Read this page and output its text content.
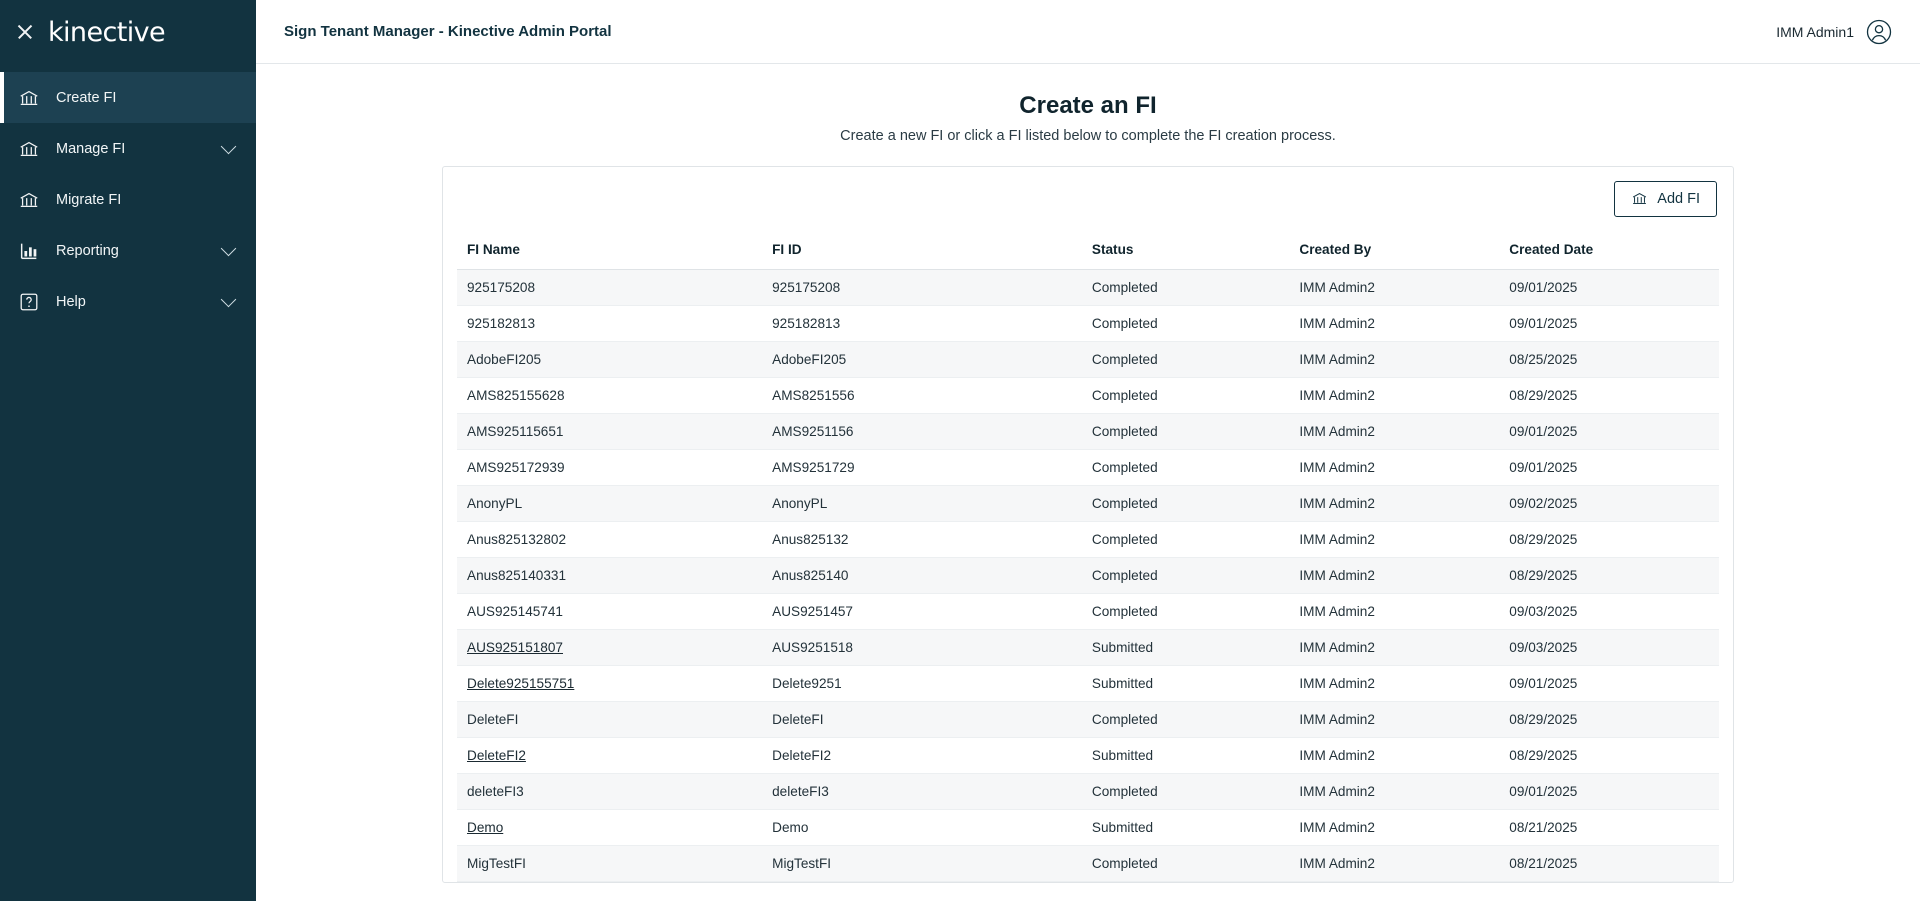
kinective
Create FI
Manage FI
Migrate FI
Reporting
Help
Sign Tenant Manager - Kinective Admin Portal	IMM Admin1
Create an FI
Create a new FI or click a FI listed below to complete the FI creation process.
Add FI
FI Name	FI ID	Status	Created By	Created Date
925175208	925175208	Completed	IMM Admin2	09/01/2025
925182813	925182813	Completed	IMM Admin2	09/01/2025
AdobeFI205	AdobeFI205	Completed	IMM Admin2	08/25/2025
AMS825155628	AMS8251556	Completed	IMM Admin2	08/29/2025
AMS925115651	AMS9251156	Completed	IMM Admin2	09/01/2025
AMS925172939	AMS9251729	Completed	IMM Admin2	09/01/2025
AnonyPL	AnonyPL	Completed	IMM Admin2	09/02/2025
Anus825132802	Anus825132	Completed	IMM Admin2	08/29/2025
Anus825140331	Anus825140	Completed	IMM Admin2	08/29/2025
AUS925145741	AUS9251457	Completed	IMM Admin2	09/03/2025
AUS925151807	AUS9251518	Submitted	IMM Admin2	09/03/2025
Delete925155751	Delete9251	Submitted	IMM Admin2	09/01/2025
DeleteFI	DeleteFI	Completed	IMM Admin2	08/29/2025
DeleteFI2	DeleteFI2	Submitted	IMM Admin2	08/29/2025
deleteFI3	deleteFI3	Completed	IMM Admin2	09/01/2025
Demo	Demo	Submitted	IMM Admin2	08/21/2025
MigTestFI	MigTestFI	Completed	IMM Admin2	08/21/2025
